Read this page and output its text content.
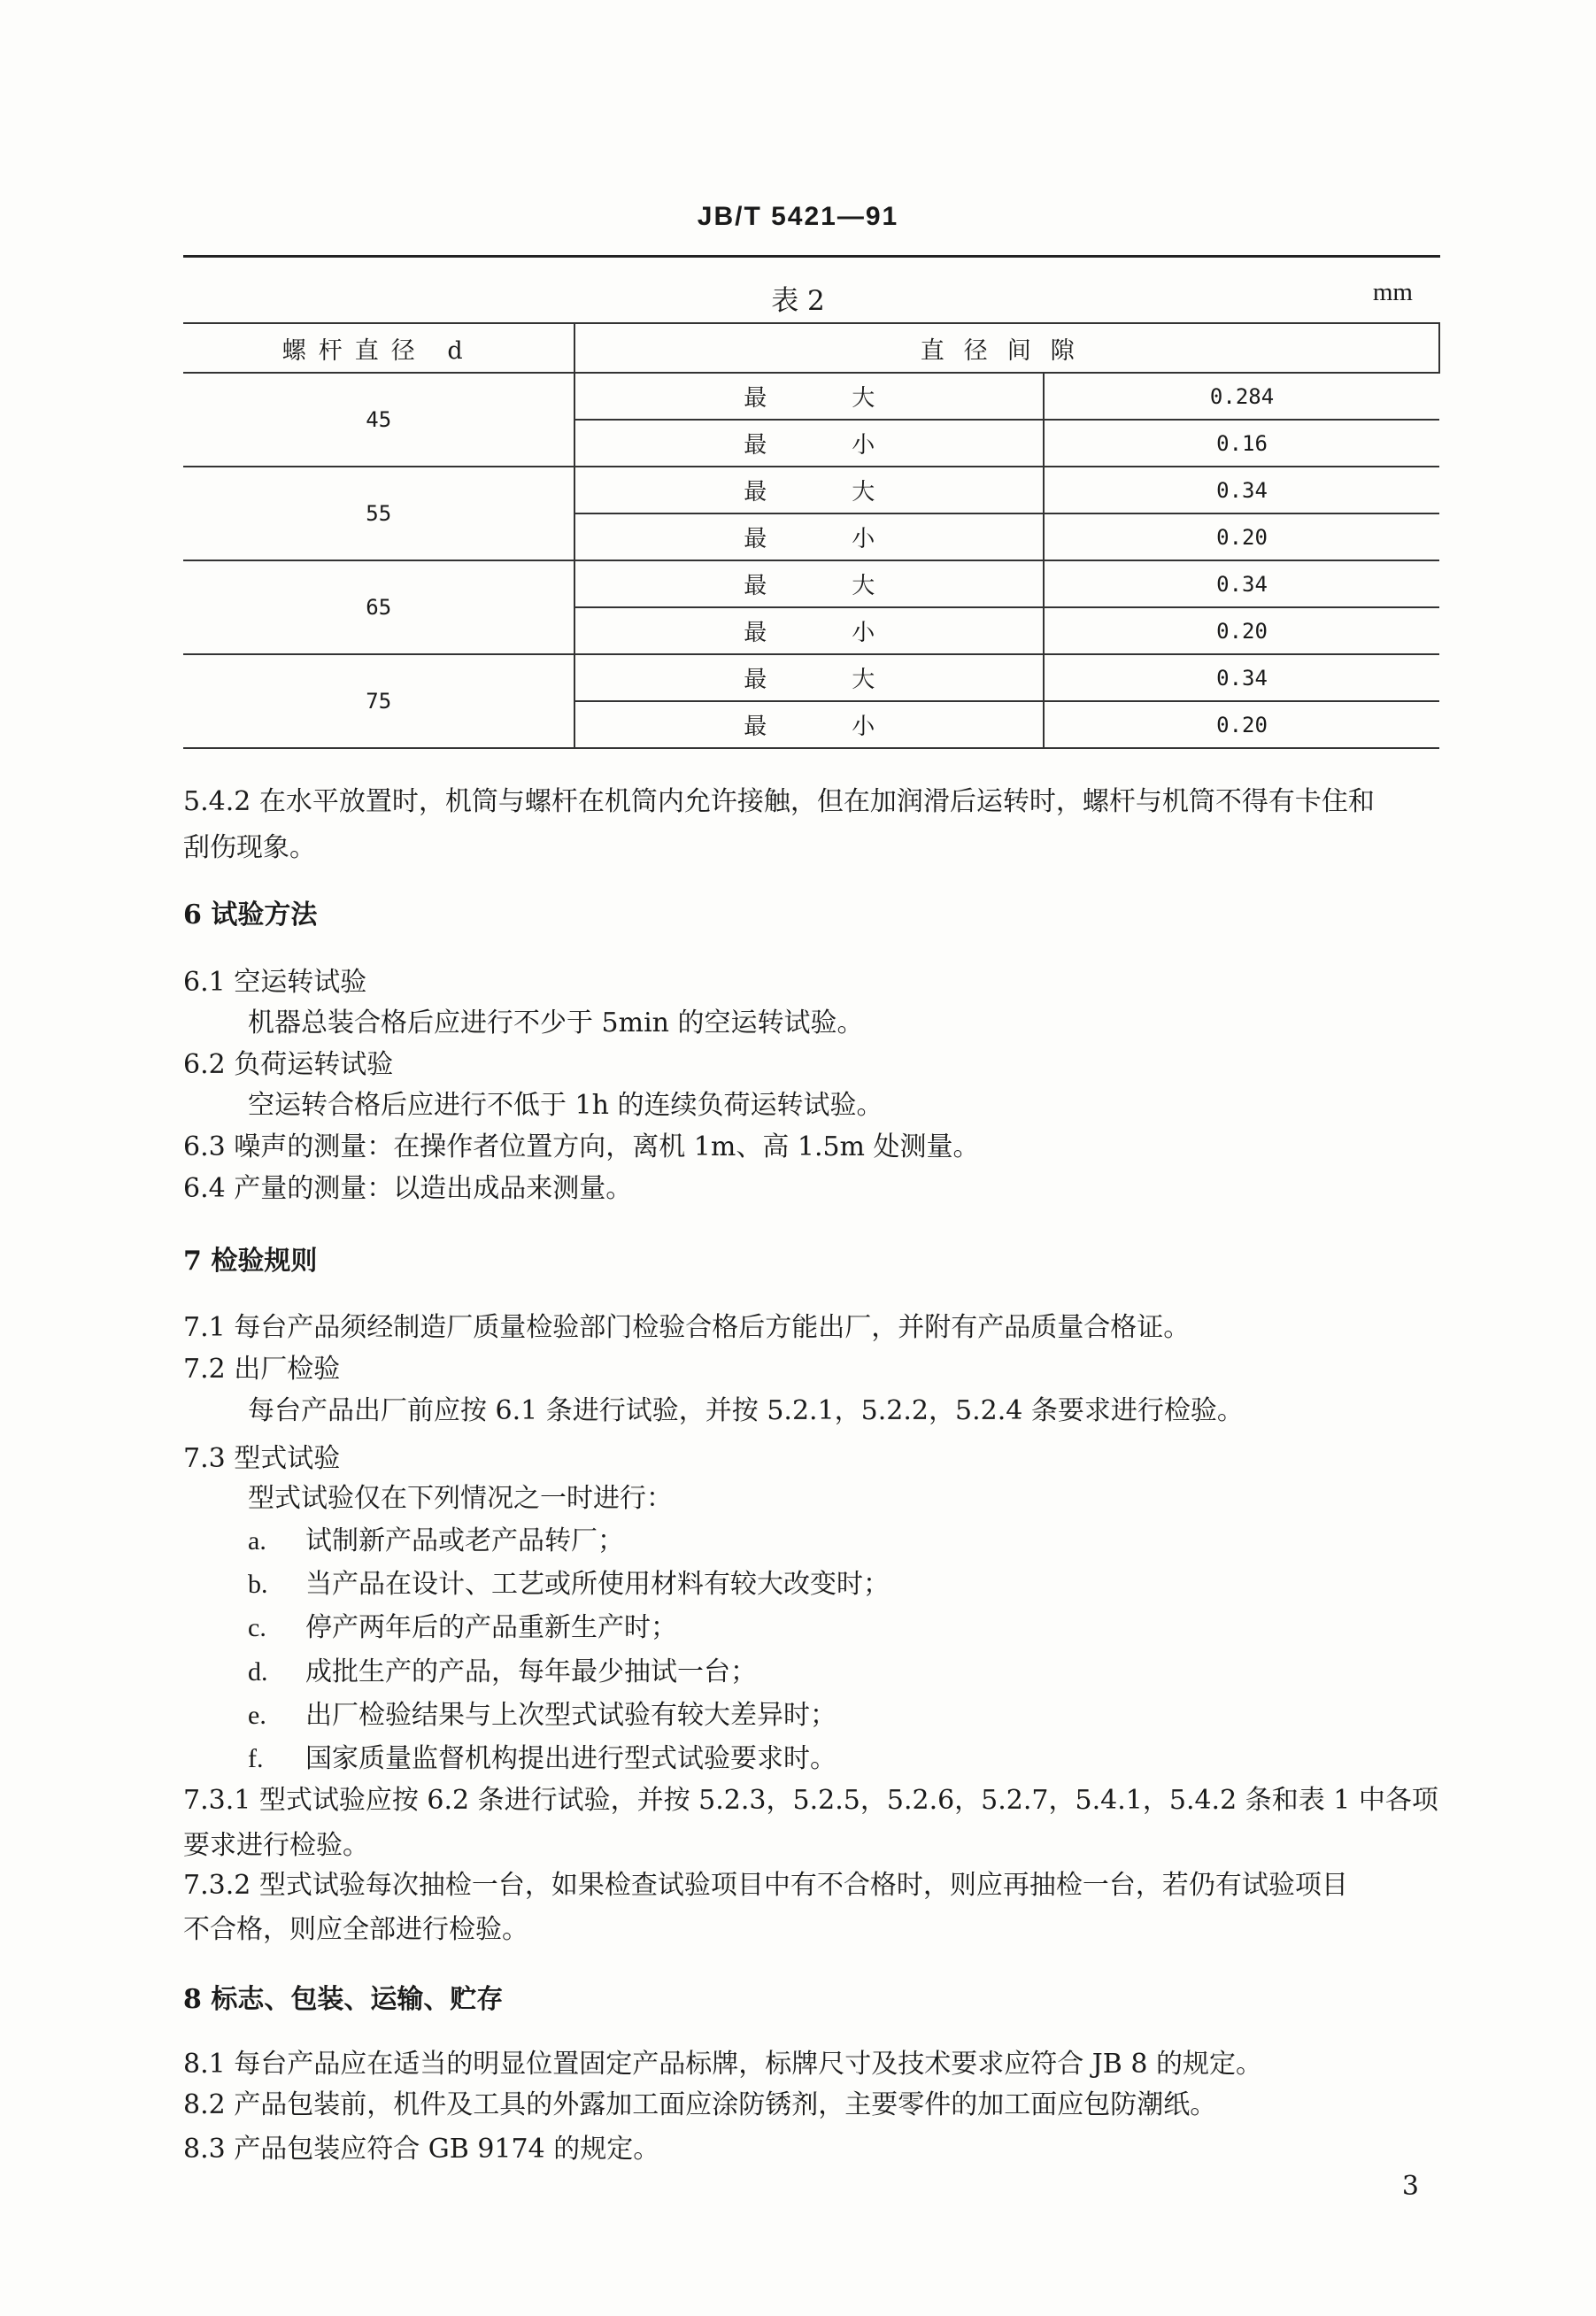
JB/T 5421—91
表 2	mm
螺杆直径 d	直径间隙	
45	最大	0.284
	最小	0.16
55	最大	0.34
	最小	0.20
65	最大	0.34
	最小	0.20
75	最大	0.34
	最小	0.20
5.4.2 在水平放置时，机筒与螺杆在机筒内允许接触，但在加润滑后运转时，螺杆与机筒不得有卡住和
刮伤现象。
6 试验方法
6.1 空运转试验
机器总装合格后应进行不少于 5min 的空运转试验。
6.2 负荷运转试验
空运转合格后应进行不低于 1h 的连续负荷运转试验。
6.3 噪声的测量：在操作者位置方向，离机 1m、高 1.5m 处测量。
6.4 产量的测量：以造出成品来测量。
7 检验规则
7.1 每台产品须经制造厂质量检验部门检验合格后方能出厂，并附有产品质量合格证。
7.2 出厂检验
每台产品出厂前应按 6.1 条进行试验，并按 5.2.1，5.2.2，5.2.4 条要求进行检验。
7.3 型式试验
型式试验仅在下列情况之一时进行：
a. 试制新产品或老产品转厂；
b. 当产品在设计、工艺或所使用材料有较大改变时；
c. 停产两年后的产品重新生产时；
d. 成批生产的产品，每年最少抽试一台；
e. 出厂检验结果与上次型式试验有较大差异时；
f. 国家质量监督机构提出进行型式试验要求时。
7.3.1 型式试验应按 6.2 条进行试验，并按 5.2.3，5.2.5，5.2.6，5.2.7，5.4.1，5.4.2 条和表 1 中各项
要求进行检验。
7.3.2 型式试验每次抽检一台，如果检查试验项目中有不合格时，则应再抽检一台，若仍有试验项目
不合格，则应全部进行检验。
8 标志、包装、运输、贮存
8.1 每台产品应在适当的明显位置固定产品标牌，标牌尺寸及技术要求应符合 JB 8 的规定。
8.2 产品包装前，机件及工具的外露加工面应涂防锈剂，主要零件的加工面应包防潮纸。
8.3 产品包装应符合 GB 9174 的规定。
3
